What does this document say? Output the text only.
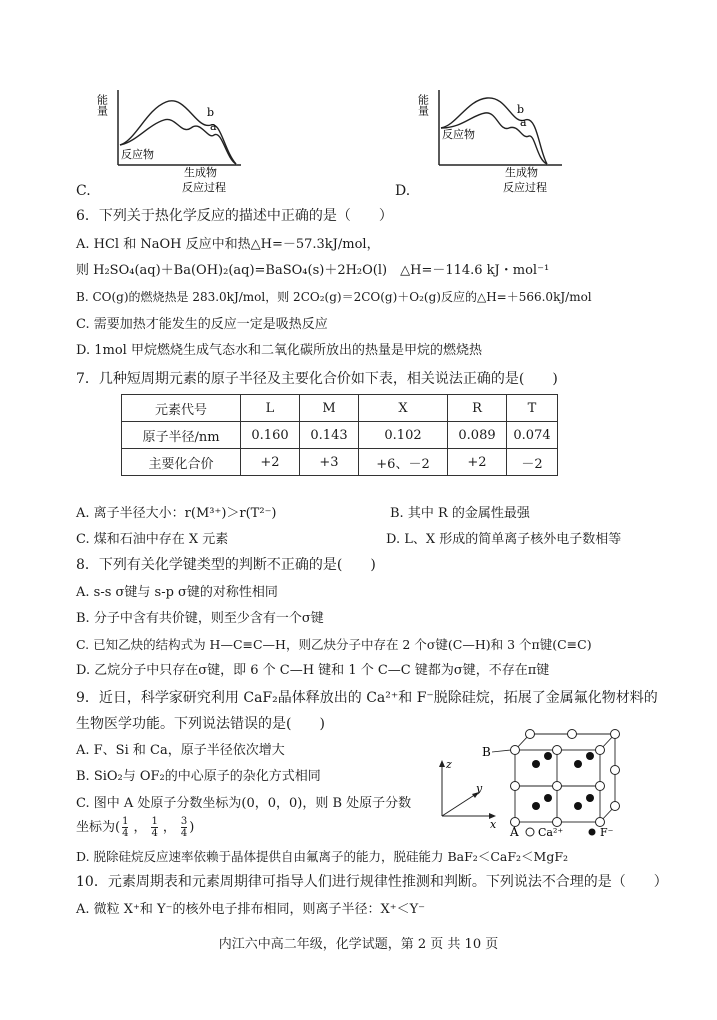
能量	b
a
反应物
生成物
反应过程
C.
能量	b
a
反应物
生成物
反应过程
D.
6．下列关于热化学反应的描述中正确的是（　　）
A. HCl 和 NaOH 反应中和热△H=－57.3kJ/mol，
则 H₂SO₄(aq)＋Ba(OH)₂(aq)=BaSO₄(s)＋2H₂O(l)　△H=－114.6 kJ・mol⁻¹
B. CO(g)的燃烧热是 283.0kJ/mol，则 2CO₂(g)＝2CO(g)＋O₂(g)反应的△H=＋566.0kJ/mol
C. 需要加热才能发生的反应一定是吸热反应
D. 1mol 甲烷燃烧生成气态水和二氧化碳所放出的热量是甲烷的燃烧热
7．几种短周期元素的原子半径及主要化合价如下表，相关说法正确的是(　　)
元素代号	L	M	X	R	T
原子半径/nm	0.160	0.143	0.102	0.089	0.074
主要化合价	+2	+3	+6、－2	+2	－2
A. 离子半径大小：r(M³⁺)＞r(T²⁻)	B. 其中 R 的金属性最强
C. 煤和石油中存在 X 元素	D. L、X 形成的简单离子核外电子数相等
8．下列有关化学键类型的判断不正确的是(　　)
A. s-s σ键与 s-p σ键的对称性相同
B. 分子中含有共价键，则至少含有一个σ键
C. 已知乙炔的结构式为 H—C≡C—H，则乙炔分子中存在 2 个σ键(C—H)和 3 个π键(C≡C)
D. 乙烷分子中只存在σ键，即 6 个 C—H 键和 1 个 C—C 键都为σ键，不存在π键
9．近日，科学家研究利用 CaF₂晶体释放出的 Ca²⁺和 F⁻脱除硅烷，拓展了金属氟化物材料的
生物医学功能。下列说法错误的是(　　)
A. F、Si 和 Ca，原子半径依次增大
B. SiO₂与 OF₂的中心原子的杂化方式相同
C. 图中 A 处原子分数坐标为(0，0，0)，则 B 处原子分数
坐标为( $\frac{1}{4}$ ， $\frac{1}{4}$ ， $\frac{3}{4}$ )
D. 脱除硅烷反应速率依赖于晶体提供自由氟离子的能力，脱硅能力 BaF₂＜CaF₂＜MgF₂
z
y
x
B
A Ca²⁺	F⁻
10．元素周期表和元素周期律可指导人们进行规律性推测和判断。下列说法不合理的是（　　）
A. 微粒 X⁺和 Y⁻的核外电子排布相同，则离子半径：X⁺＜Y⁻
内江六中高二年级，化学试题，第 2 页 共 10 页
